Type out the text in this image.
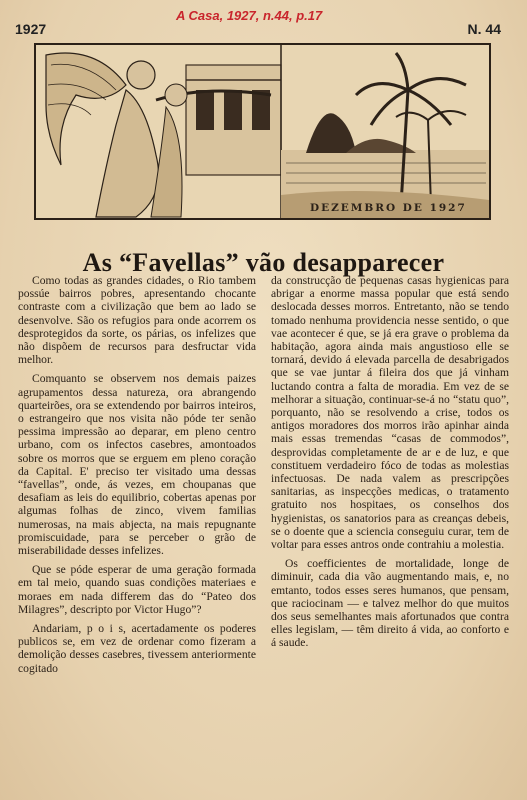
1927
A Casa, 1927, n.44, p.17
N. 44
DEZEMBRO DE 1927
As “Favellas” vão desapparecer

Como todas as grandes cidades, o Rio tambem possúe bairros pobres, apresentando chocante contraste com a civilização que bem ao lado se desenvolve. São os refugios para onde acorrem os desprotegidos da sorte, os párias, os infelizes que não dispõem de recursos para desfructar vida melhor.

Comquanto se observem nos demais paizes agrupamentos dessa natureza, ora abrangendo quarteirões, ora se extendendo por bairros inteiros, o estrangeiro que nos visita não póde ter senão pessima impressão ao deparar, em pleno centro urbano, com os infectos casebres, amontoados sobre os morros que se erguem em pleno coração da Capital. E' preciso ter visitado uma dessas “favellas”, onde, ás vezes, em choupanas que desafiam as leis do equilibrio, cobertas apenas por algumas folhas de zinco, vivem familias numerosas, na mais abjecta, na mais repugnante promiscuidade, para se perceber o grão de miserabilidade desses infelizes.

Que se póde esperar de uma geração formada em tal meio, quando suas condições materiaes e moraes em nada differem das do “Pateo dos Milagres”, descripto por Victor Hugo”?

Andariam, p o i s, acertadamente os poderes publicos se, em vez de ordenar como fizeram a demolição desses casebres, tivessem anteriormente cogitado

da construcção de pequenas casas hygienicas para abrigar a enorme massa popular que está sendo deslocada desses morros. Entretanto, não se tendo tomado nenhuma providencia nesse sentido, o que vae acontecer é que, se já era grave o problema da habitação, agora ainda mais angustioso elle se tornará, devido á elevada parcella de desabrigados que se vae juntar á fileira dos que já vinham luctando contra a falta de moradia. Em vez de se melhorar a situação, continuar-se-á no “statu quo”, porquanto, não se resolvendo a crise, todos os antigos moradores dos morros irão apinhar ainda mais essas tremendas “casas de commodos”, desprovidas completamente de ar e de luz, e que constituem verdadeiro fóco de todas as molestias infectuosas. De nada valem as prescripções sanitarias, as inspecções medicas, o tratamento gratuito nos hospitaes, os conselhos dos hygienistas, os sanatorios para as creanças debeis, se o doente que a sciencia conseguiu curar, tem de voltar para esses antros onde contrahiu a molestia.

Os coefficientes de mortalidade, longe de diminuir, cada dia vão augmentando mais, e, no emtanto, todos esses seres humanos, que pensam, que raciocinam — e talvez melhor do que muitos dos seus semelhantes mais afortunados que contra elles legislam, — têm direito á vida, ao conforto e á saude.
